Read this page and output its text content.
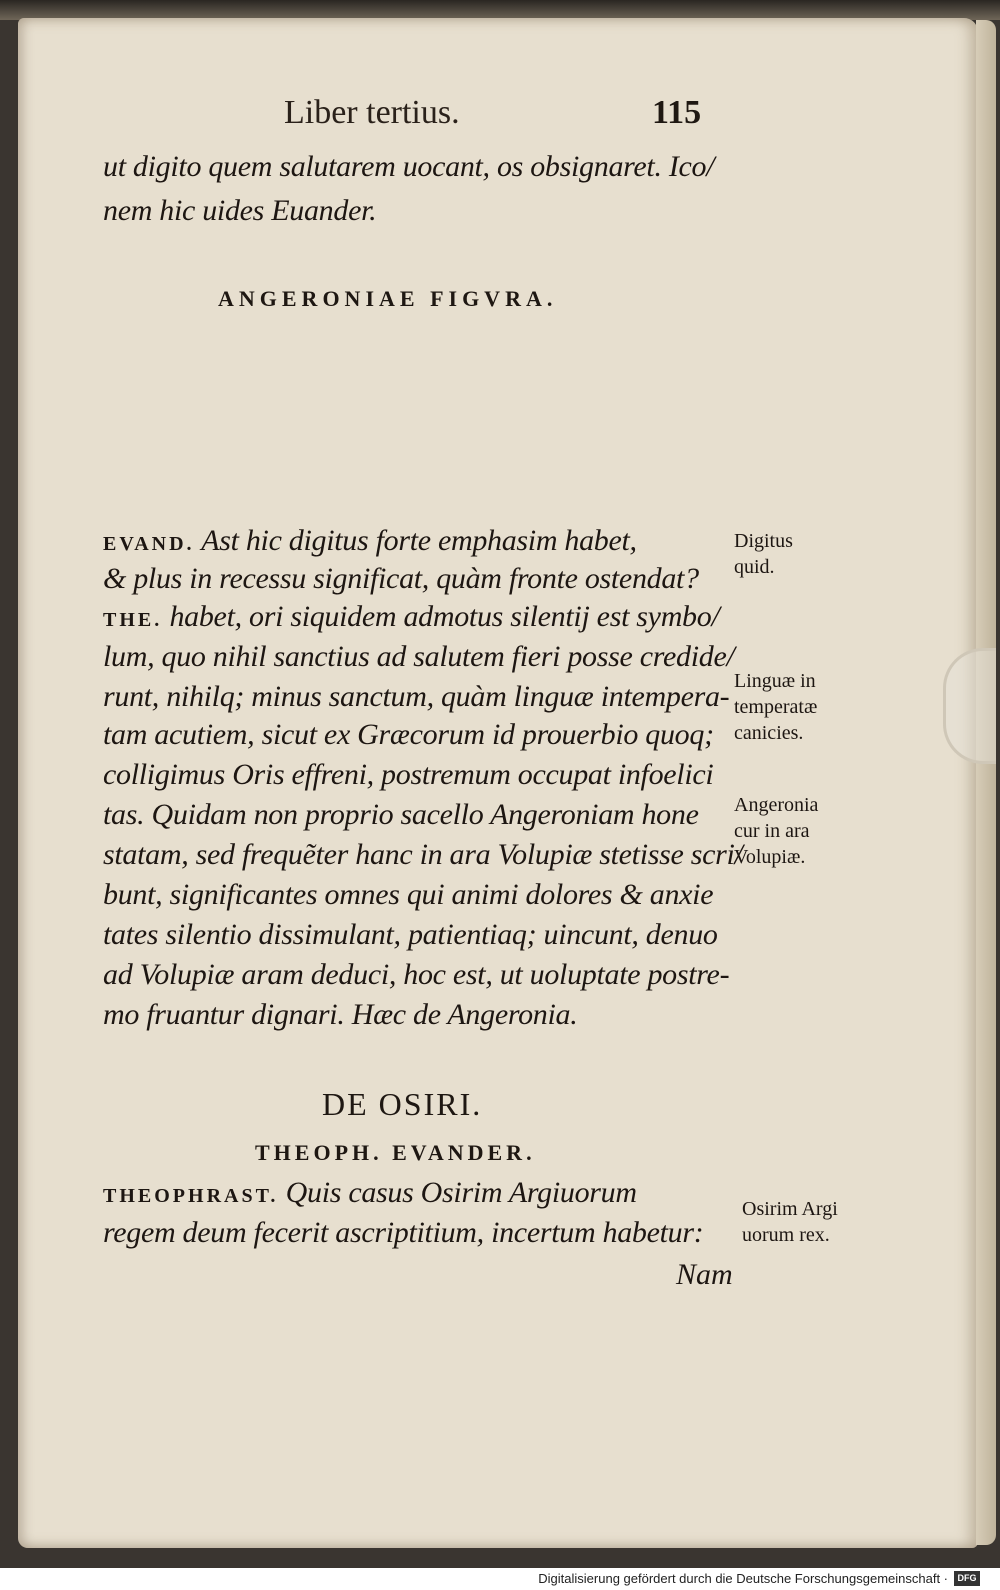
Liber tertius.	115
ut digito quem salutarem uocant, os obsignaret. Ico/
nem hic uides Euander.
ANGERONIAE FIGVRA.
EVAND. Ast hic digitus forte emphasim habet,
& plus in recessu significat, quàm fronte ostendat?
THE. habet, ori siquidem admotus silentij est symbo/
lum, quo nihil sanctius ad salutem fieri posse credide/
runt, nihilq; minus sanctum, quàm linguæ intempera-
tam acutiem, sicut ex Græcorum id prouerbio quoq;
colligimus Oris effreni, postremum occupat infoelici
tas. Quidam non proprio sacello Angeroniam hone
statam, sed frequẽter hanc in ara Volupiæ stetisse scri/
bunt, significantes omnes qui animi dolores & anxie
tates silentio dissimulant, patientiaq; uincunt, denuo
ad Volupiæ aram deduci, hoc est, ut uoluptate postre-
mo fruantur dignari. Hæc de Angeronia.
DE OSIRI.
THEOPH. EVANDER.
THEOPHRAST. Quis casus Osirim Argiuorum
regem deum fecerit ascriptitium, incertum habetur:
Nam
Digitus
quid.
Linguæ in
temperatæ
canicies.
Angeronia
cur in ara
Volupiæ.
Osirim Argi
uorum rex.
Digitalisierung gefördert durch die Deutsche Forschungsgemeinschaft ·	DFG
